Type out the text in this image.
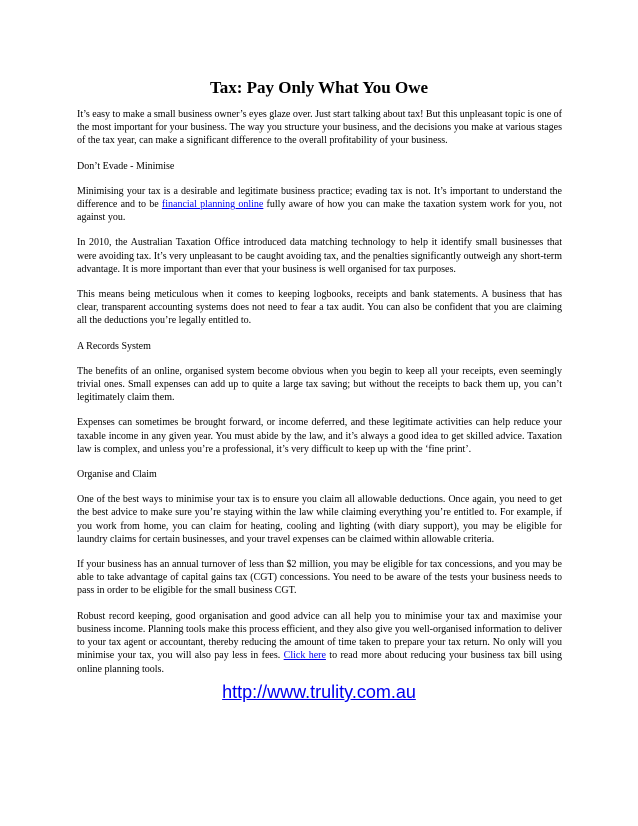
Tax: Pay Only What You Owe

It’s easy to make a small business owner’s eyes glaze over. Just start talking about tax! But this unpleasant topic is one of the most important for your business. The way you structure your business, and the decisions you make at various stages of the tax year, can make a significant difference to the overall profitability of your business.

Don’t Evade - Minimise

Minimising your tax is a desirable and legitimate business practice; evading tax is not. It’s important to understand the difference and to be financial planning online fully aware of how you can make the taxation system work for you, not against you.

In 2010, the Australian Taxation Office introduced data matching technology to help it identify small businesses that were avoiding tax. It’s very unpleasant to be caught avoiding tax, and the penalties significantly outweigh any short-term advantage. It is more important than ever that your business is well organised for tax purposes.

This means being meticulous when it comes to keeping logbooks, receipts and bank statements. A business that has clear, transparent accounting systems does not need to fear a tax audit. You can also be confident that you are claiming all the deductions you’re legally entitled to.

A Records System

The benefits of an online, organised system become obvious when you begin to keep all your receipts, even seemingly trivial ones. Small expenses can add up to quite a large tax saving; but without the receipts to back them up, you can’t legitimately claim them.

Expenses can sometimes be brought forward, or income deferred, and these legitimate activities can help reduce your taxable income in any given year. You must abide by the law, and it’s always a good idea to get skilled advice. Taxation law is complex, and unless you’re a professional, it’s very difficult to keep up with the ‘fine print’.

Organise and Claim

One of the best ways to minimise your tax is to ensure you claim all allowable deductions. Once again, you need to get the best advice to make sure you’re staying within the law while claiming everything you’re entitled to. For example, if you work from home, you can claim for heating, cooling and lighting (with diary support), you may be eligible for laundry claims for certain businesses, and your travel expenses can be claimed within allowable criteria.

If your business has an annual turnover of less than $2 million, you may be eligible for tax concessions, and you may be able to take advantage of capital gains tax (CGT) concessions. You need to be aware of the tests your business needs to pass in order to be eligible for the small business CGT.

Robust record keeping, good organisation and good advice can all help you to minimise your tax and maximise your business income. Planning tools make this process efficient, and they also give you well-organised information to deliver to your tax agent or accountant, thereby reducing the amount of time taken to prepare your tax return. No only will you minimise your tax, you will also pay less in fees. Click here to read more about reducing your business tax bill using online planning tools.

http://www.trulity.com.au
